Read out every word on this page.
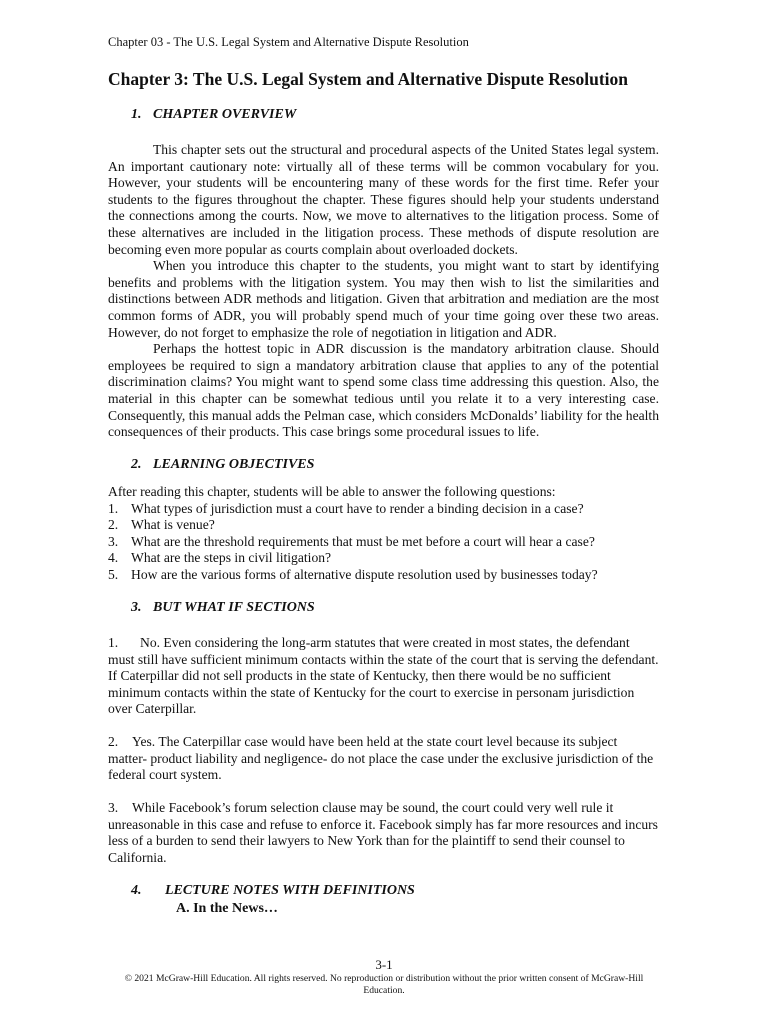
Chapter 03 - The U.S. Legal System and Alternative Dispute Resolution
Chapter 3: The U.S. Legal System and Alternative Dispute Resolution
1. CHAPTER OVERVIEW

This chapter sets out the structural and procedural aspects of the United States legal system. An important cautionary note: virtually all of these terms will be common vocabulary for you. However, your students will be encountering many of these words for the first time. Refer your students to the figures throughout the chapter. These figures should help your students understand the connections among the courts. Now, we move to alternatives to the litigation process. Some of these alternatives are included in the litigation process. These methods of dispute resolution are becoming even more popular as courts complain about overloaded dockets.

When you introduce this chapter to the students, you might want to start by identifying benefits and problems with the litigation system. You may then wish to list the similarities and distinctions between ADR methods and litigation. Given that arbitration and mediation are the most common forms of ADR, you will probably spend much of your time going over these two areas. However, do not forget to emphasize the role of negotiation in litigation and ADR.

Perhaps the hottest topic in ADR discussion is the mandatory arbitration clause. Should employees be required to sign a mandatory arbitration clause that applies to any of the potential discrimination claims? You might want to spend some class time addressing this question. Also, the material in this chapter can be somewhat tedious until you relate it to a very interesting case. Consequently, this manual adds the Pelman case, which considers McDonalds’ liability for the health consequences of their products. This case brings some procedural issues to life.

2. LEARNING OBJECTIVES

After reading this chapter, students will be able to answer the following questions:

1. What types of jurisdiction must a court have to render a binding decision in a case?
2. What is venue?
3. What are the threshold requirements that must be met before a court will hear a case?
4. What are the steps in civil litigation?
5. How are the various forms of alternative dispute resolution used by businesses today?
3. BUT WHAT IF SECTIONS

1. No. Even considering the long-arm statutes that were created in most states, the defendant must still have sufficient minimum contacts within the state of the court that is serving the defendant. If Caterpillar did not sell products in the state of Kentucky, then there would be no sufficient minimum contacts within the state of Kentucky for the court to exercise in personam jurisdiction over Caterpillar.

2. Yes. The Caterpillar case would have been held at the state court level because its subject matter- product liability and negligence- do not place the case under the exclusive jurisdiction of the federal court system.

3. While Facebook’s forum selection clause may be sound, the court could very well rule it unreasonable in this case and refuse to enforce it. Facebook simply has far more resources and incurs less of a burden to send their lawyers to New York than for the plaintiff to send their counsel to California.

4. LECTURE NOTES WITH DEFINITIONS
A. In the News…
3-1
© 2021 McGraw-Hill Education. All rights reserved. No reproduction or distribution without the prior written consent of McGraw-Hill Education.
